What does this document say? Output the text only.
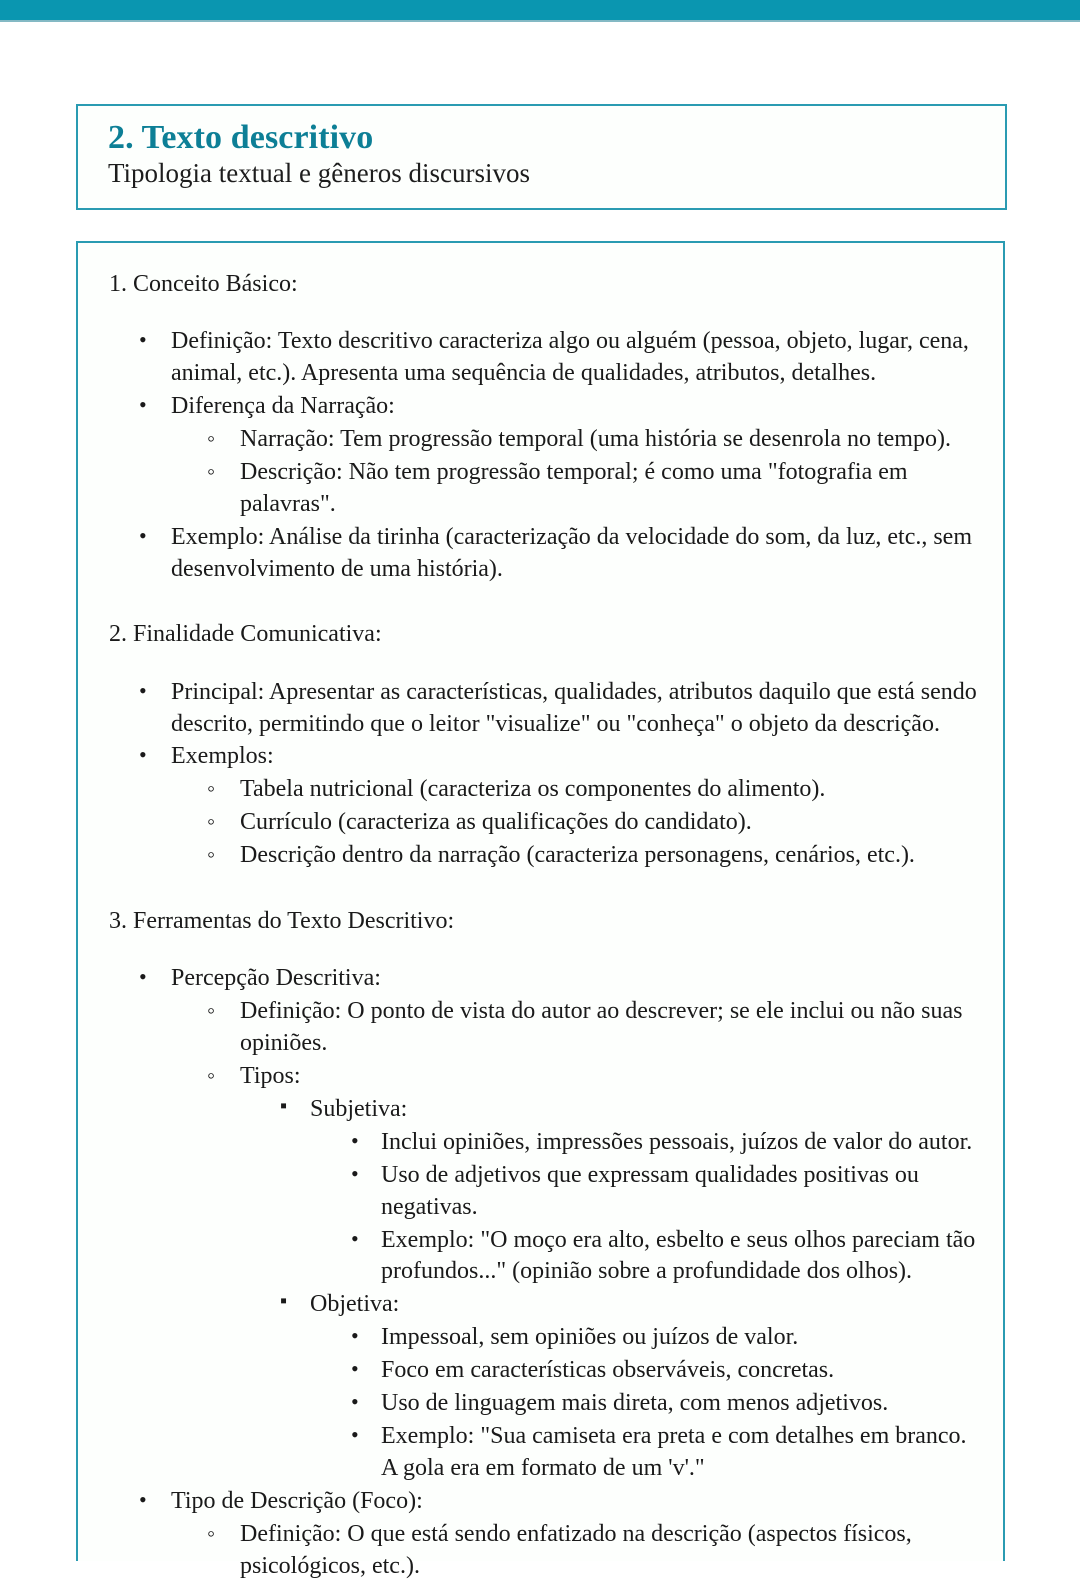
2. Texto descritivo
Tipologia textual e gêneros discursivos
1. Conceito Básico:
• Definição: Texto descritivo caracteriza algo ou alguém (pessoa, objeto, lugar, cena, animal, etc.). Apresenta uma sequência de qualidades, atributos, detalhes.
• Diferença da Narração:
◦ Narração: Tem progressão temporal (uma história se desenrola no tempo).
◦ Descrição: Não tem progressão temporal; é como uma "fotografia em palavras".
• Exemplo: Análise da tirinha (caracterização da velocidade do som, da luz, etc., sem desenvolvimento de uma história).
2. Finalidade Comunicativa:
• Principal: Apresentar as características, qualidades, atributos daquilo que está sendo descrito, permitindo que o leitor "visualize" ou "conheça" o objeto da descrição.
• Exemplos:
◦ Tabela nutricional (caracteriza os componentes do alimento).
◦ Currículo (caracteriza as qualificações do candidato).
◦ Descrição dentro da narração (caracteriza personagens, cenários, etc.).
3. Ferramentas do Texto Descritivo:
• Percepção Descritiva:
◦ Definição: O ponto de vista do autor ao descrever; se ele inclui ou não suas opiniões.
◦ Tipos:
▪ Subjetiva:
• Inclui opiniões, impressões pessoais, juízos de valor do autor.
• Uso de adjetivos que expressam qualidades positivas ou negativas.
• Exemplo: "O moço era alto, esbelto e seus olhos pareciam tão profundos..." (opinião sobre a profundidade dos olhos).
▪ Objetiva:
• Impessoal, sem opiniões ou juízos de valor.
• Foco em características observáveis, concretas.
• Uso de linguagem mais direta, com menos adjetivos.
• Exemplo: "Sua camiseta era preta e com detalhes em branco. A gola era em formato de um 'v'."
• Tipo de Descrição (Foco):
◦ Definição: O que está sendo enfatizado na descrição (aspectos físicos, psicológicos, etc.).
